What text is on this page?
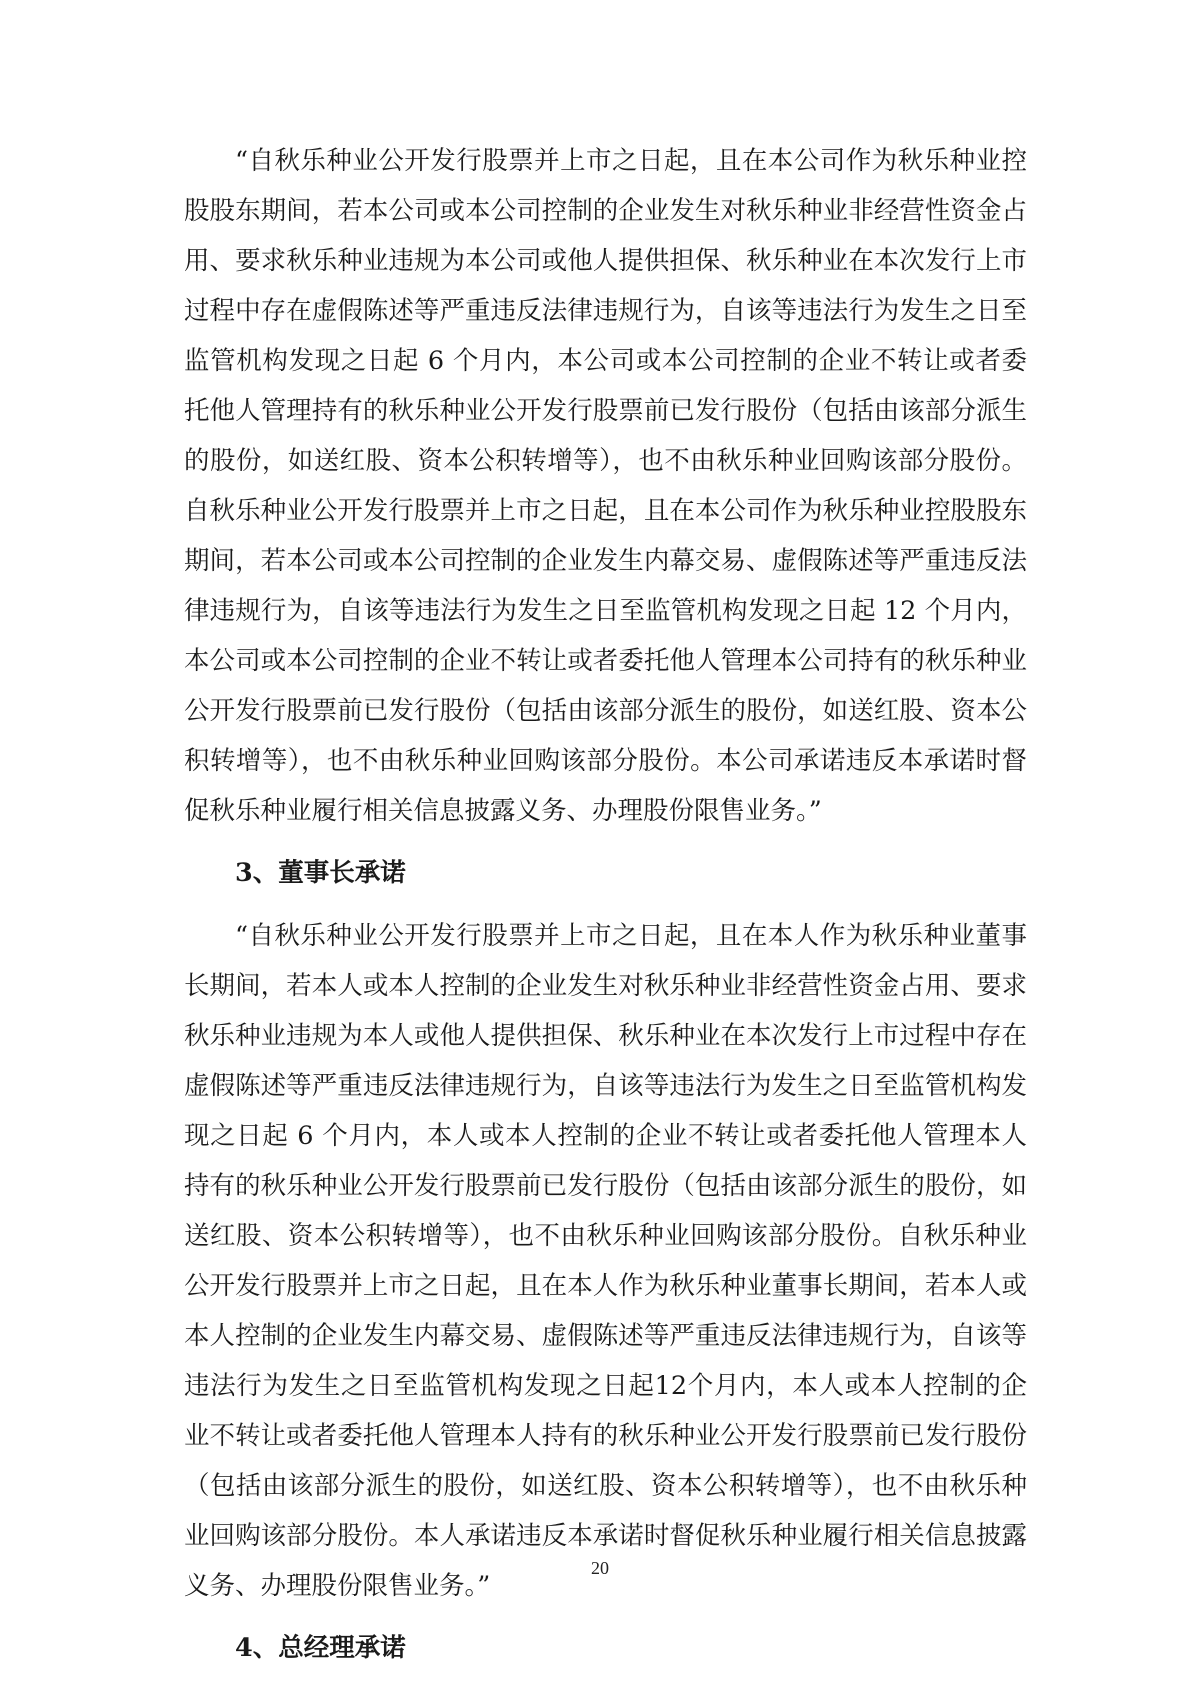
“自秋乐种业公开发行股票并上市之日起，且在本公司作为秋乐种业控股股东期间，若本公司或本公司控制的企业发生对秋乐种业非经营性资金占用、要求秋乐种业违规为本公司或他人提供担保、秋乐种业在本次发行上市过程中存在虚假陈述等严重违反法律违规行为，自该等违法行为发生之日至监管机构发现之日起 6 个月内，本公司或本公司控制的企业不转让或者委托他人管理持有的秋乐种业公开发行股票前已发行股份（包括由该部分派生的股份，如送红股、资本公积转增等），也不由秋乐种业回购该部分股份。自秋乐种业公开发行股票并上市之日起，且在本公司作为秋乐种业控股股东期间，若本公司或本公司控制的企业发生内幕交易、虚假陈述等严重违反法律违规行为，自该等违法行为发生之日至监管机构发现之日起 12 个月内，本公司或本公司控制的企业不转让或者委托他人管理本公司持有的秋乐种业公开发行股票前已发行股份（包括由该部分派生的股份，如送红股、资本公积转增等），也不由秋乐种业回购该部分股份。本公司承诺违反本承诺时督促秋乐种业履行相关信息披露义务、办理股份限售业务。”

3、董事长承诺

“自秋乐种业公开发行股票并上市之日起，且在本人作为秋乐种业董事长期间，若本人或本人控制的企业发生对秋乐种业非经营性资金占用、要求秋乐种业违规为本人或他人提供担保、秋乐种业在本次发行上市过程中存在虚假陈述等严重违反法律违规行为，自该等违法行为发生之日至监管机构发现之日起 6 个月内，本人或本人控制的企业不转让或者委托他人管理本人持有的秋乐种业公开发行股票前已发行股份（包括由该部分派生的股份，如送红股、资本公积转增等），也不由秋乐种业回购该部分股份。自秋乐种业公开发行股票并上市之日起，且在本人作为秋乐种业董事长期间，若本人或本人控制的企业发生内幕交易、虚假陈述等严重违反法律违规行为，自该等违法行为发生之日至监管机构发现之日起12个月内，本人或本人控制的企业不转让或者委托他人管理本人持有的秋乐种业公开发行股票前已发行股份（包括由该部分派生的股份，如送红股、资本公积转增等），也不由秋乐种业回购该部分股份。本人承诺违反本承诺时督促秋乐种业履行相关信息披露义务、办理股份限售业务。”

4、总经理承诺

20
